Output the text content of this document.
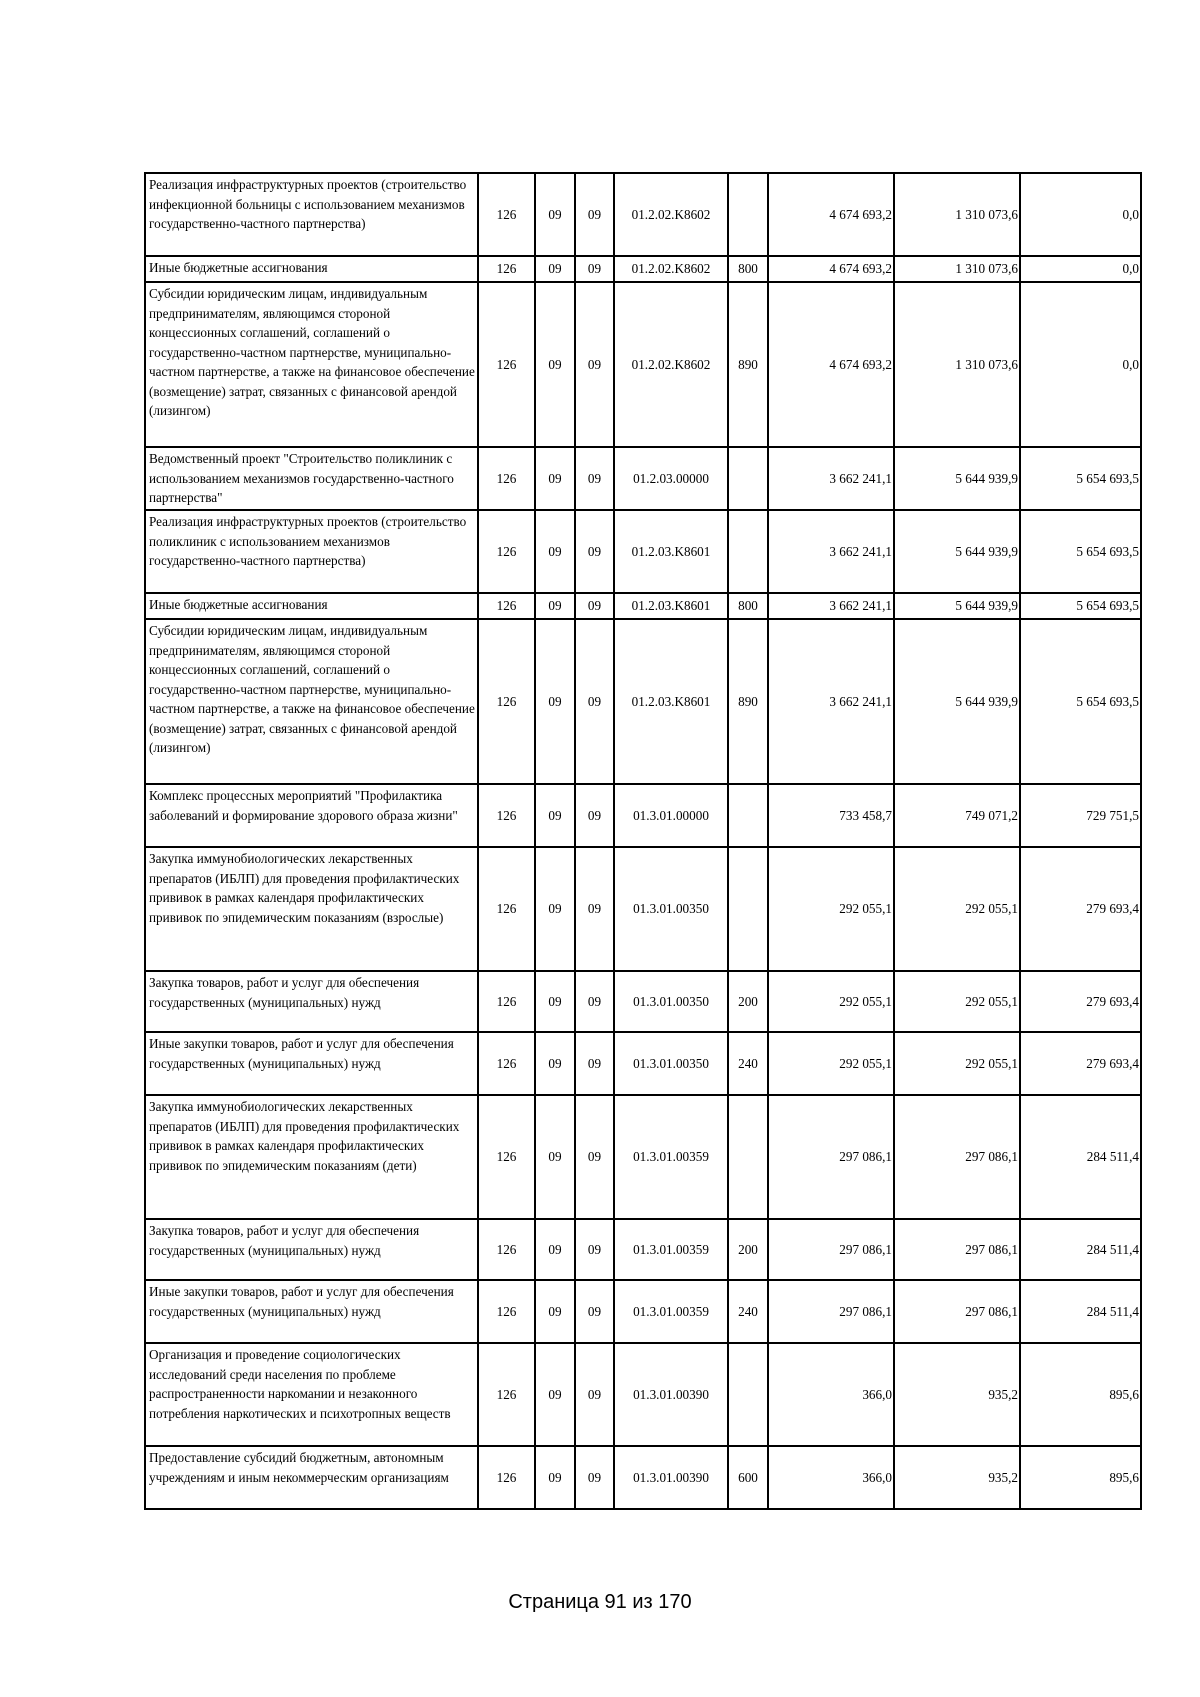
Реализация инфраструктурных проектов (строительство инфекционной больницы с использованием механизмов государственно-частного партнерства)	126	09	09	01.2.02.K8602		4 674 693,2	1 310 073,6	0,0
Иные бюджетные ассигнования	126	09	09	01.2.02.K8602	800	4 674 693,2	1 310 073,6	0,0
Субсидии юридическим лицам, индивидуальным предпринимателям, являющимся стороной концессионных соглашений, соглашений о государственно-частном партнерстве, муниципально-частном партнерстве, а также на финансовое обеспечение (возмещение) затрат, связанных с финансовой арендой (лизингом)	126	09	09	01.2.02.K8602	890	4 674 693,2	1 310 073,6	0,0
Ведомственный проект "Строительство поликлиник с использованием механизмов государственно-частного партнерства"	126	09	09	01.2.03.00000		3 662 241,1	5 644 939,9	5 654 693,5
Реализация инфраструктурных проектов (строительство поликлиник с использованием механизмов государственно-частного партнерства)	126	09	09	01.2.03.K8601		3 662 241,1	5 644 939,9	5 654 693,5
Иные бюджетные ассигнования	126	09	09	01.2.03.K8601	800	3 662 241,1	5 644 939,9	5 654 693,5
Субсидии юридическим лицам, индивидуальным предпринимателям, являющимся стороной концессионных соглашений, соглашений о государственно-частном партнерстве, муниципально-частном партнерстве, а также на финансовое обеспечение (возмещение) затрат, связанных с финансовой арендой (лизингом)	126	09	09	01.2.03.K8601	890	3 662 241,1	5 644 939,9	5 654 693,5
Комплекс процессных мероприятий "Профилактика заболеваний и формирование здорового образа жизни"	126	09	09	01.3.01.00000		733 458,7	749 071,2	729 751,5
Закупка иммунобиологических лекарственных препаратов (ИБЛП) для проведения профилактических прививок в рамках календаря профилактических прививок по эпидемическим показаниям (взрослые)	126	09	09	01.3.01.00350		292 055,1	292 055,1	279 693,4
Закупка товаров, работ и услуг для обеспечения государственных (муниципальных) нужд	126	09	09	01.3.01.00350	200	292 055,1	292 055,1	279 693,4
Иные закупки товаров, работ и услуг для обеспечения государственных (муниципальных) нужд	126	09	09	01.3.01.00350	240	292 055,1	292 055,1	279 693,4
Закупка иммунобиологических лекарственных препаратов (ИБЛП) для проведения профилактических прививок в рамках календаря профилактических прививок по эпидемическим показаниям (дети)	126	09	09	01.3.01.00359		297 086,1	297 086,1	284 511,4
Закупка товаров, работ и услуг для обеспечения государственных (муниципальных) нужд	126	09	09	01.3.01.00359	200	297 086,1	297 086,1	284 511,4
Иные закупки товаров, работ и услуг для обеспечения государственных (муниципальных) нужд	126	09	09	01.3.01.00359	240	297 086,1	297 086,1	284 511,4
Организация и проведение социологических исследований среди населения по проблеме распространенности наркомании и незаконного потребления наркотических и психотропных веществ	126	09	09	01.3.01.00390		366,0	935,2	895,6
Предоставление субсидий бюджетным, автономным учреждениям и иным некоммерческим организациям	126	09	09	01.3.01.00390	600	366,0	935,2	895,6
Страница 91 из 170
